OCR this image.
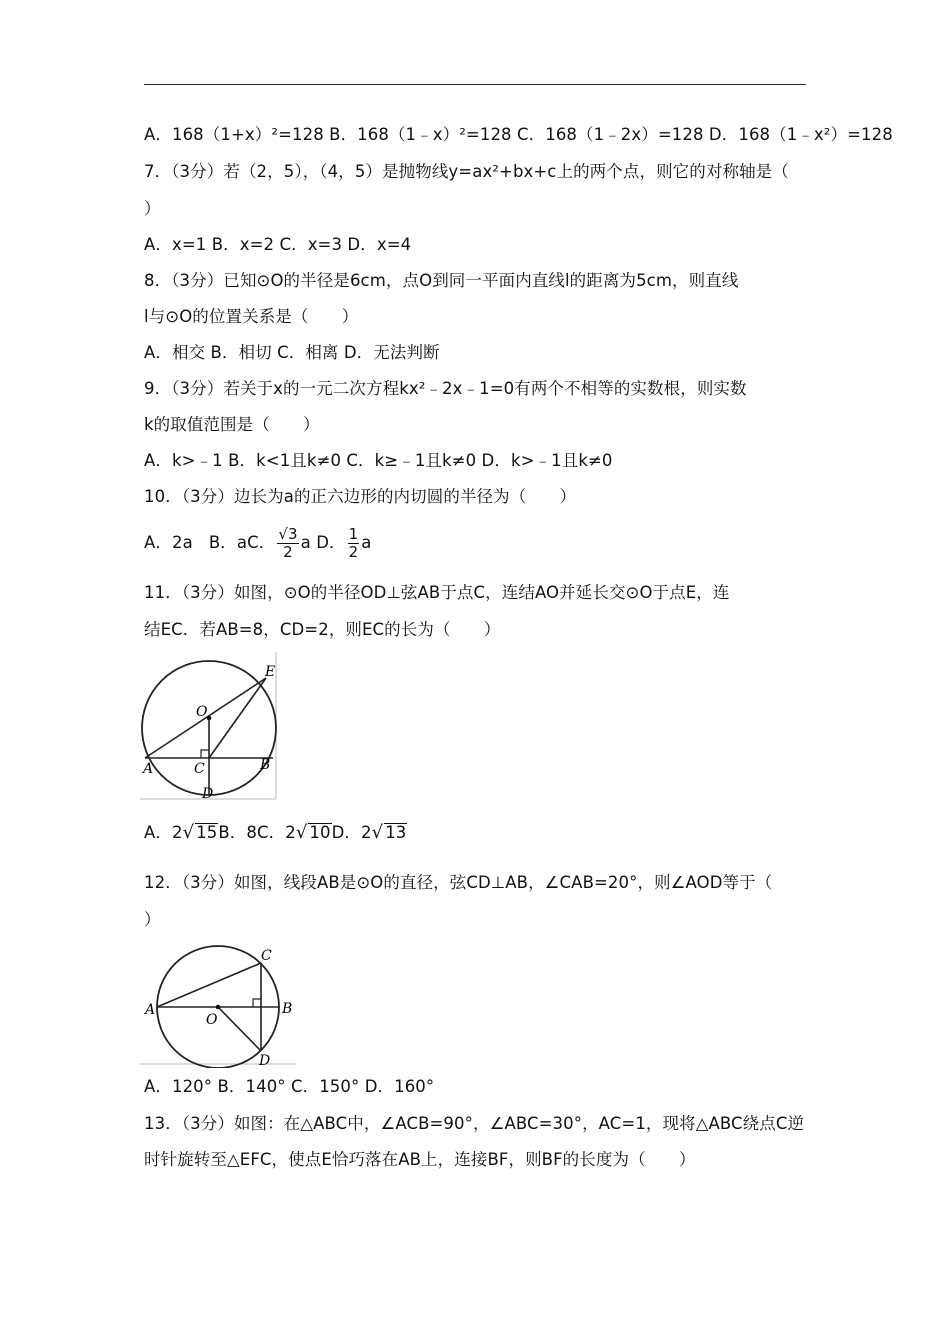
A．168（1+x）²=128 B．168（1﹣x）²=128 C．168（1﹣2x）=128 D．168（1﹣x²）=128
7．（3分）若（2，5），（4，5）是抛物线y=ax²+bx+c上的两个点，则它的对称轴是（
）
A．x=1 B．x=2 C．x=3 D．x=4
8．（3分）已知⊙O的半径是6cm，点O到同一平面内直线l的距离为5cm，则直线
l与⊙O的位置关系是（　　）
A．相交 B．相切 C．相离 D．无法判断
9．（3分）若关于x的一元二次方程kx²﹣2x﹣1=0有两个不相等的实数根，则实数
k的取值范围是（　　）
A．k>﹣1 B．k<1且k≠0 C．k≥﹣1且k≠0 D．k>﹣1且k≠0
10．（3分）边长为a的正六边形的内切圆的半径为（　　）
A．2a B．aC． $\frac{√3}{2}$ a D． $\frac{1}{2}$ a
11．（3分）如图，⊙O的半径OD⊥弦AB于点C，连结AO并延长交⊙O于点E，连
结EC．若AB=8，CD=2，则EC的长为（　　）
O
E
A	C	B
D
A．2√ 15B．8C．2√ 10D．2√ 13
12．（3分）如图，线段AB是⊙O的直径，弦CD⊥AB，∠CAB=20°，则∠AOD等于（
）
A
O
B
C
D
A．120° B．140° C．150° D．160°
13．（3分）如图：在△ABC中，∠ACB=90°，∠ABC=30°，AC=1，现将△ABC绕点C逆
时针旋转至△EFC，使点E恰巧落在AB上，连接BF，则BF的长度为（　　）
